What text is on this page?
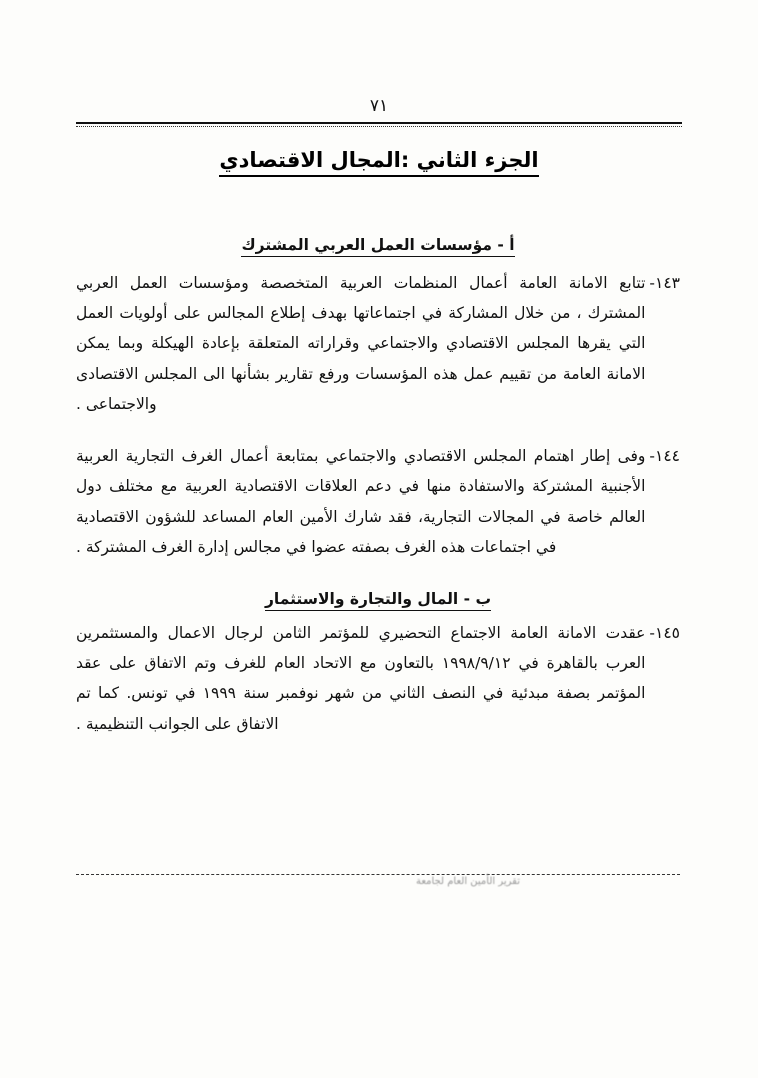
٧١
الجزء الثاني :المجال الاقتصادي
أ - مؤسسات العمل العربي المشترك
١٤٣-
تتابع الامانة العامة أعمال المنظمات العربية المتخصصة ومؤسسات العمل العربي المشترك ، من خلال المشاركة في اجتماعاتها بهدف إطلاع المجالس على أولويات العمل التي يقرها المجلس الاقتصادي والاجتماعي وقراراته المتعلقة بإعادة الهيكلة وبما يمكن الامانة العامة من تقييم عمل هذه المؤسسات ورفع تقارير بشأنها الى المجلس الاقتصادى والاجتماعى .
١٤٤-
وفى إطار اهتمام المجلس الاقتصادي والاجتماعي بمتابعة أعمال الغرف التجارية العربية الأجنبية المشتركة والاستفادة منها في دعم العلاقات الاقتصادية العربية مع مختلف دول العالم خاصة في المجالات التجارية، فقد شارك الأمين العام المساعد للشؤون الاقتصادية في اجتماعات هذه الغرف بصفته عضوا في مجالس إدارة الغرف المشتركة .
ب - المال والتجارة والاستثمار
١٤٥-
عقدت الامانة العامة الاجتماع التحضيري للمؤتمر الثامن لرجال الاعمال والمستثمرين العرب بالقاهرة في ١٩٩٨/٩/١٢ بالتعاون مع الاتحاد العام للغرف وتم الاتفاق على عقد المؤتمر بصفة مبدئية في النصف الثاني من شهر نوفمبر سنة ١٩٩٩ في تونس. كما تم الاتفاق على الجوانب التنظيمية .
تقرير الأمين العام لجامعة
